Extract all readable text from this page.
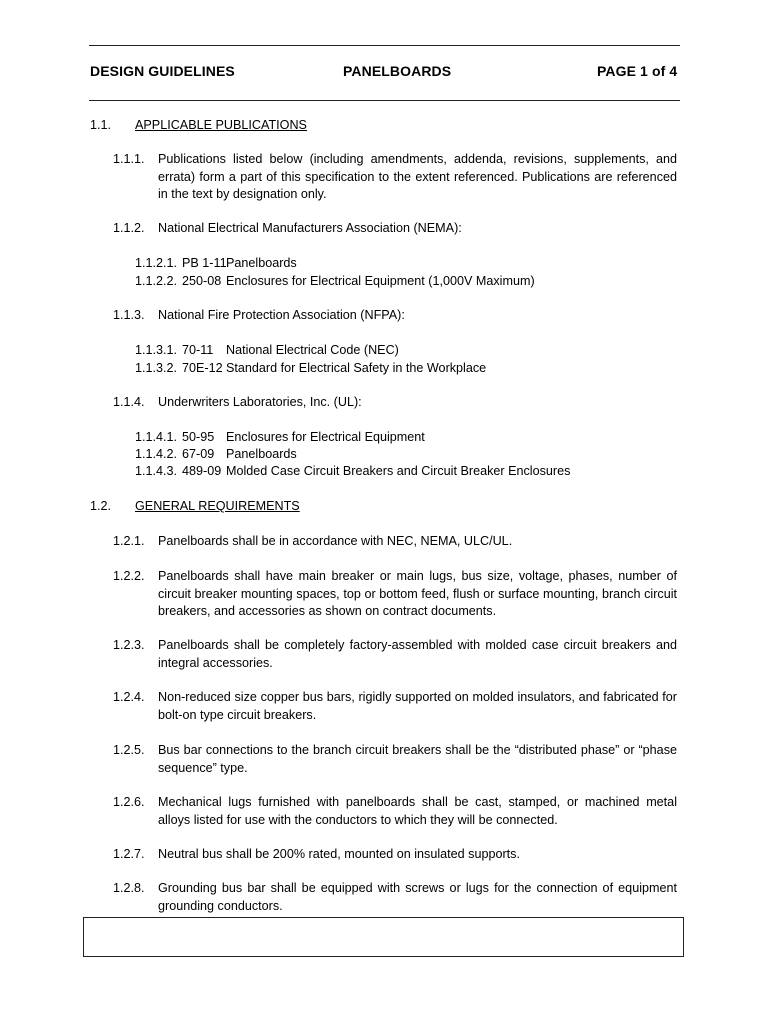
DESIGN GUIDELINES	PANELBOARDS	PAGE 1 of 4
1.1. APPLICABLE PUBLICATIONS
1.1.1. Publications listed below (including amendments, addenda, revisions, supplements, and errata) form a part of this specification to the extent referenced. Publications are referenced in the text by designation only.
1.1.2. National Electrical Manufacturers Association (NEMA):
1.1.2.1. PB 1-11 Panelboards
1.1.2.2. 250-08 Enclosures for Electrical Equipment (1,000V Maximum)
1.1.3. National Fire Protection Association (NFPA):
1.1.3.1. 70-11 National Electrical Code (NEC)
1.1.3.2. 70E-12 Standard for Electrical Safety in the Workplace
1.1.4. Underwriters Laboratories, Inc. (UL):
1.1.4.1. 50-95 Enclosures for Electrical Equipment
1.1.4.2. 67-09 Panelboards
1.1.4.3. 489-09 Molded Case Circuit Breakers and Circuit Breaker Enclosures
1.2. GENERAL REQUIREMENTS
1.2.1. Panelboards shall be in accordance with NEC, NEMA, ULC/UL.
1.2.2. Panelboards shall have main breaker or main lugs, bus size, voltage, phases, number of circuit breaker mounting spaces, top or bottom feed, flush or surface mounting, branch circuit breakers, and accessories as shown on contract documents.
1.2.3. Panelboards shall be completely factory-assembled with molded case circuit breakers and integral accessories.
1.2.4. Non-reduced size copper bus bars, rigidly supported on molded insulators, and fabricated for bolt-on type circuit breakers.
1.2.5. Bus bar connections to the branch circuit breakers shall be the “distributed phase” or “phase sequence” type.
1.2.6. Mechanical lugs furnished with panelboards shall be cast, stamped, or machined metal alloys listed for use with the conductors to which they will be connected.
1.2.7. Neutral bus shall be 200% rated, mounted on insulated supports.
1.2.8. Grounding bus bar shall be equipped with screws or lugs for the connection of equipment grounding conductors.
